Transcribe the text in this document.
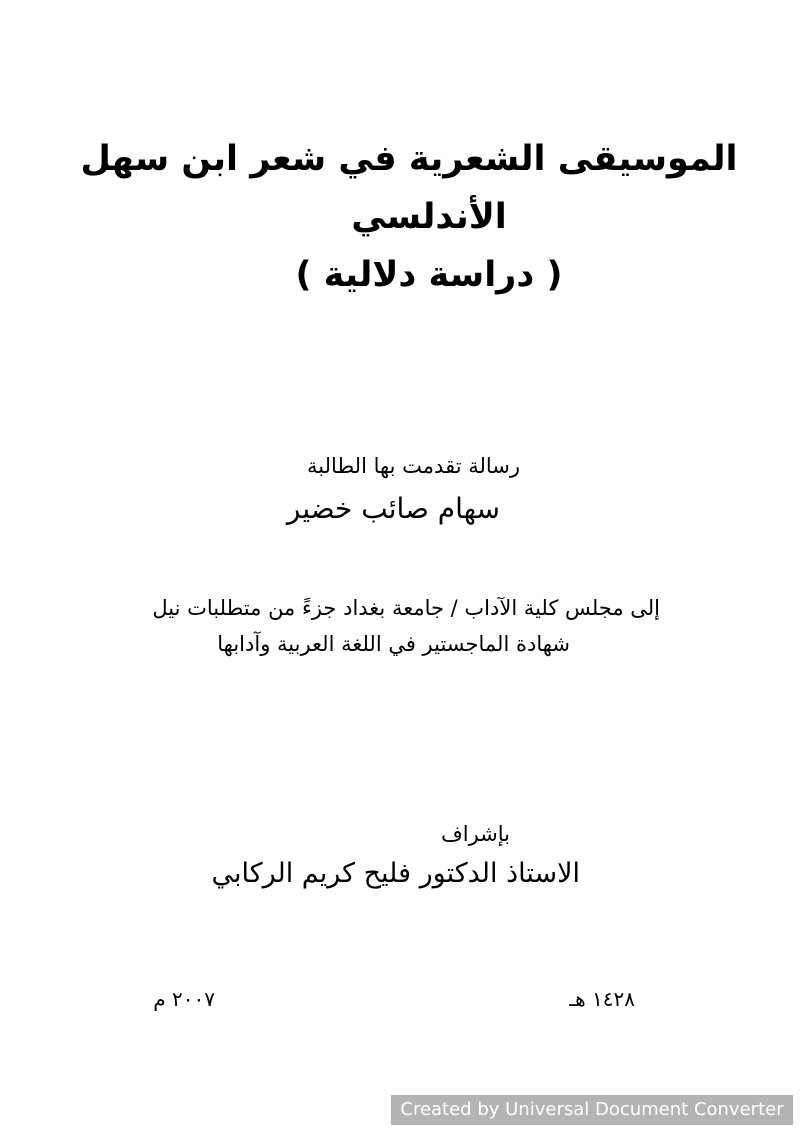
الموسيقى الشعرية في شعر ابن سهل
الأندلسي
( دراسة دلالية )
رسالة تقدمت بها الطالبة
سهام صائب خضير
إلى مجلس كلية الآداب / جامعة بغداد جزءً من متطلبات نيل
شهادة الماجستير في اللغة العربية وآدابها
بإشراف
الاستاذ الدكتور فليح كريم الركابي
١٤٢٨ هـ
٢٠٠٧ م
Created by Universal Document Converter
